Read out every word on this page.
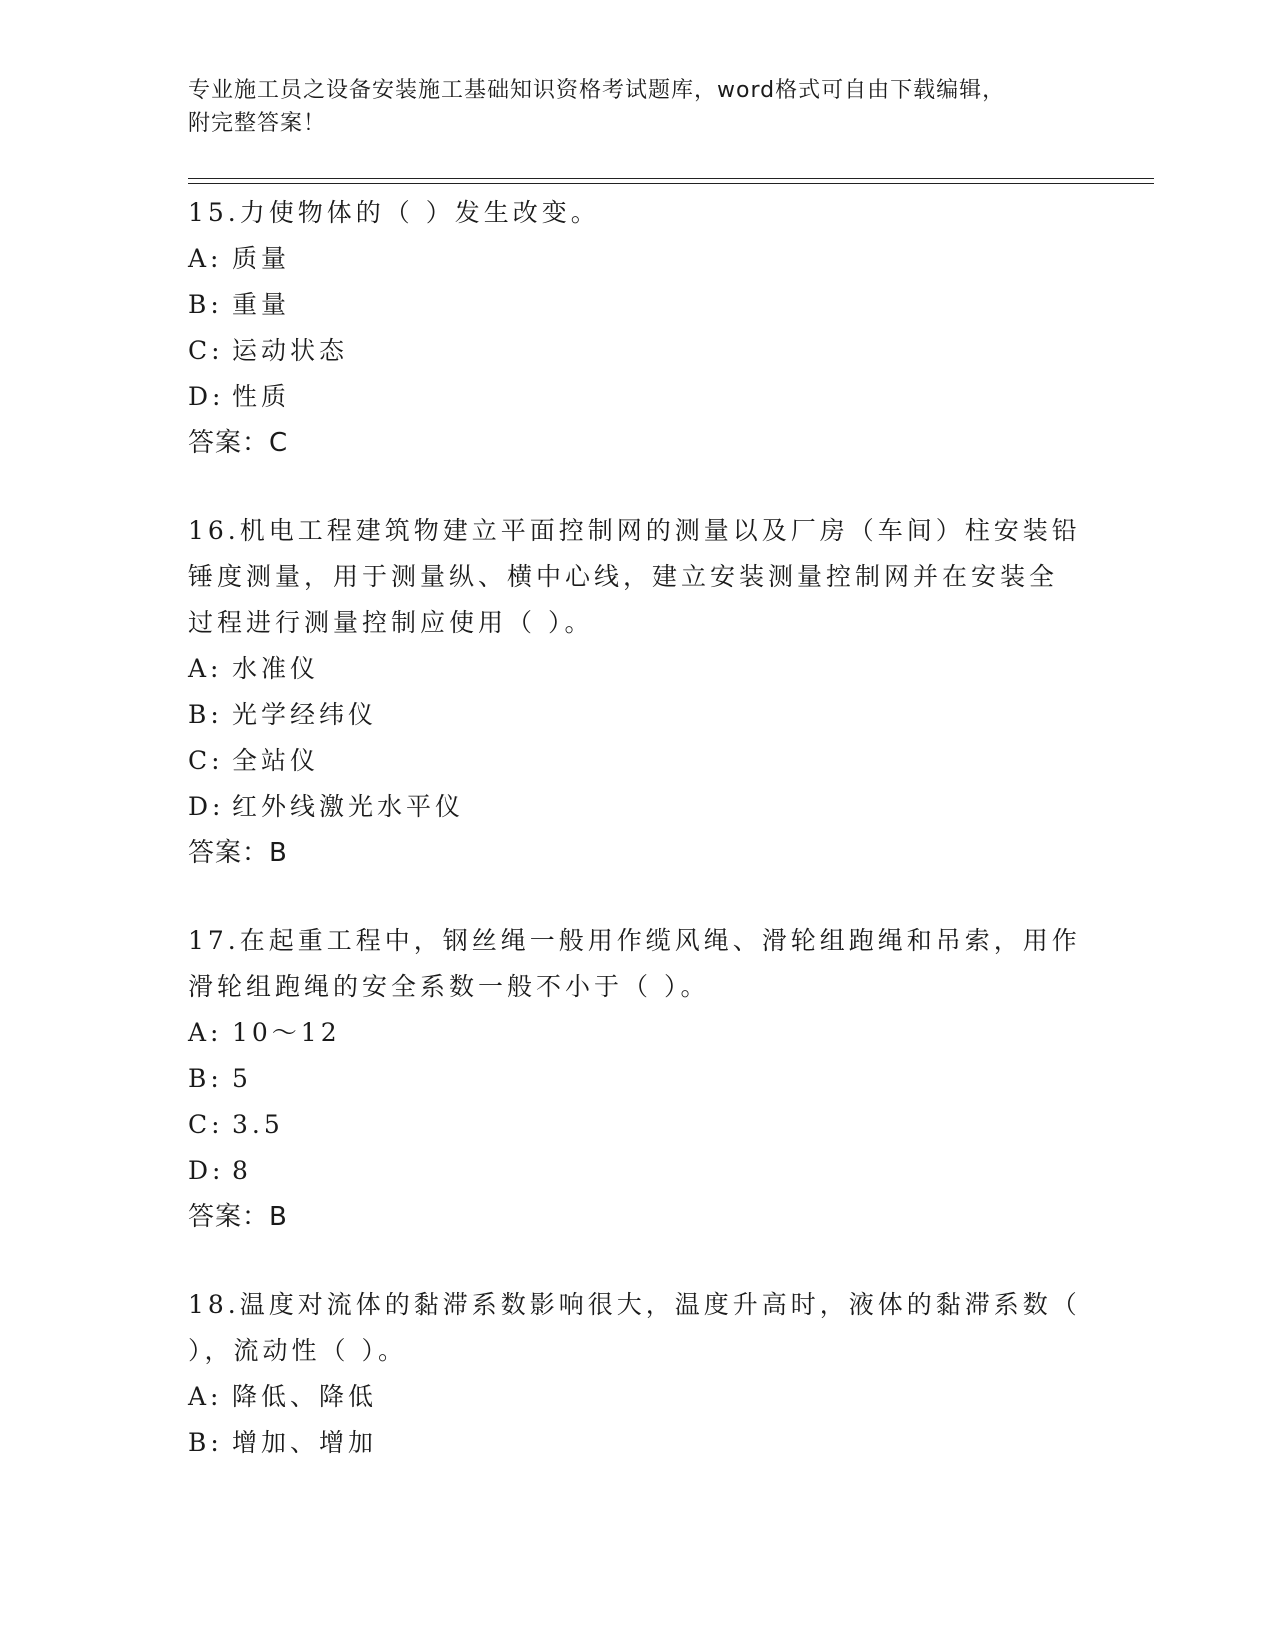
专业施工员之设备安装施工基础知识资格考试题库，word格式可自由下载编辑，
附完整答案！
15.力使物体的（ ）发生改变。
A: 质量
B: 重量
C: 运动状态
D: 性质
答案：C
16.机电工程建筑物建立平面控制网的测量以及厂房（车间）柱安装铅
锤度测量，用于测量纵、横中心线，建立安装测量控制网并在安装全
过程进行测量控制应使用（ ）。
A: 水准仪
B: 光学经纬仪
C: 全站仪
D: 红外线激光水平仪
答案：B
17.在起重工程中，钢丝绳一般用作缆风绳、滑轮组跑绳和吊索，用作
滑轮组跑绳的安全系数一般不小于（ ）。
A: 10～12
B: 5
C: 3.5
D: 8
答案：B
18.温度对流体的黏滞系数影响很大，温度升高时，液体的黏滞系数（
），流动性（ ）。
A: 降低、降低
B: 增加、增加
